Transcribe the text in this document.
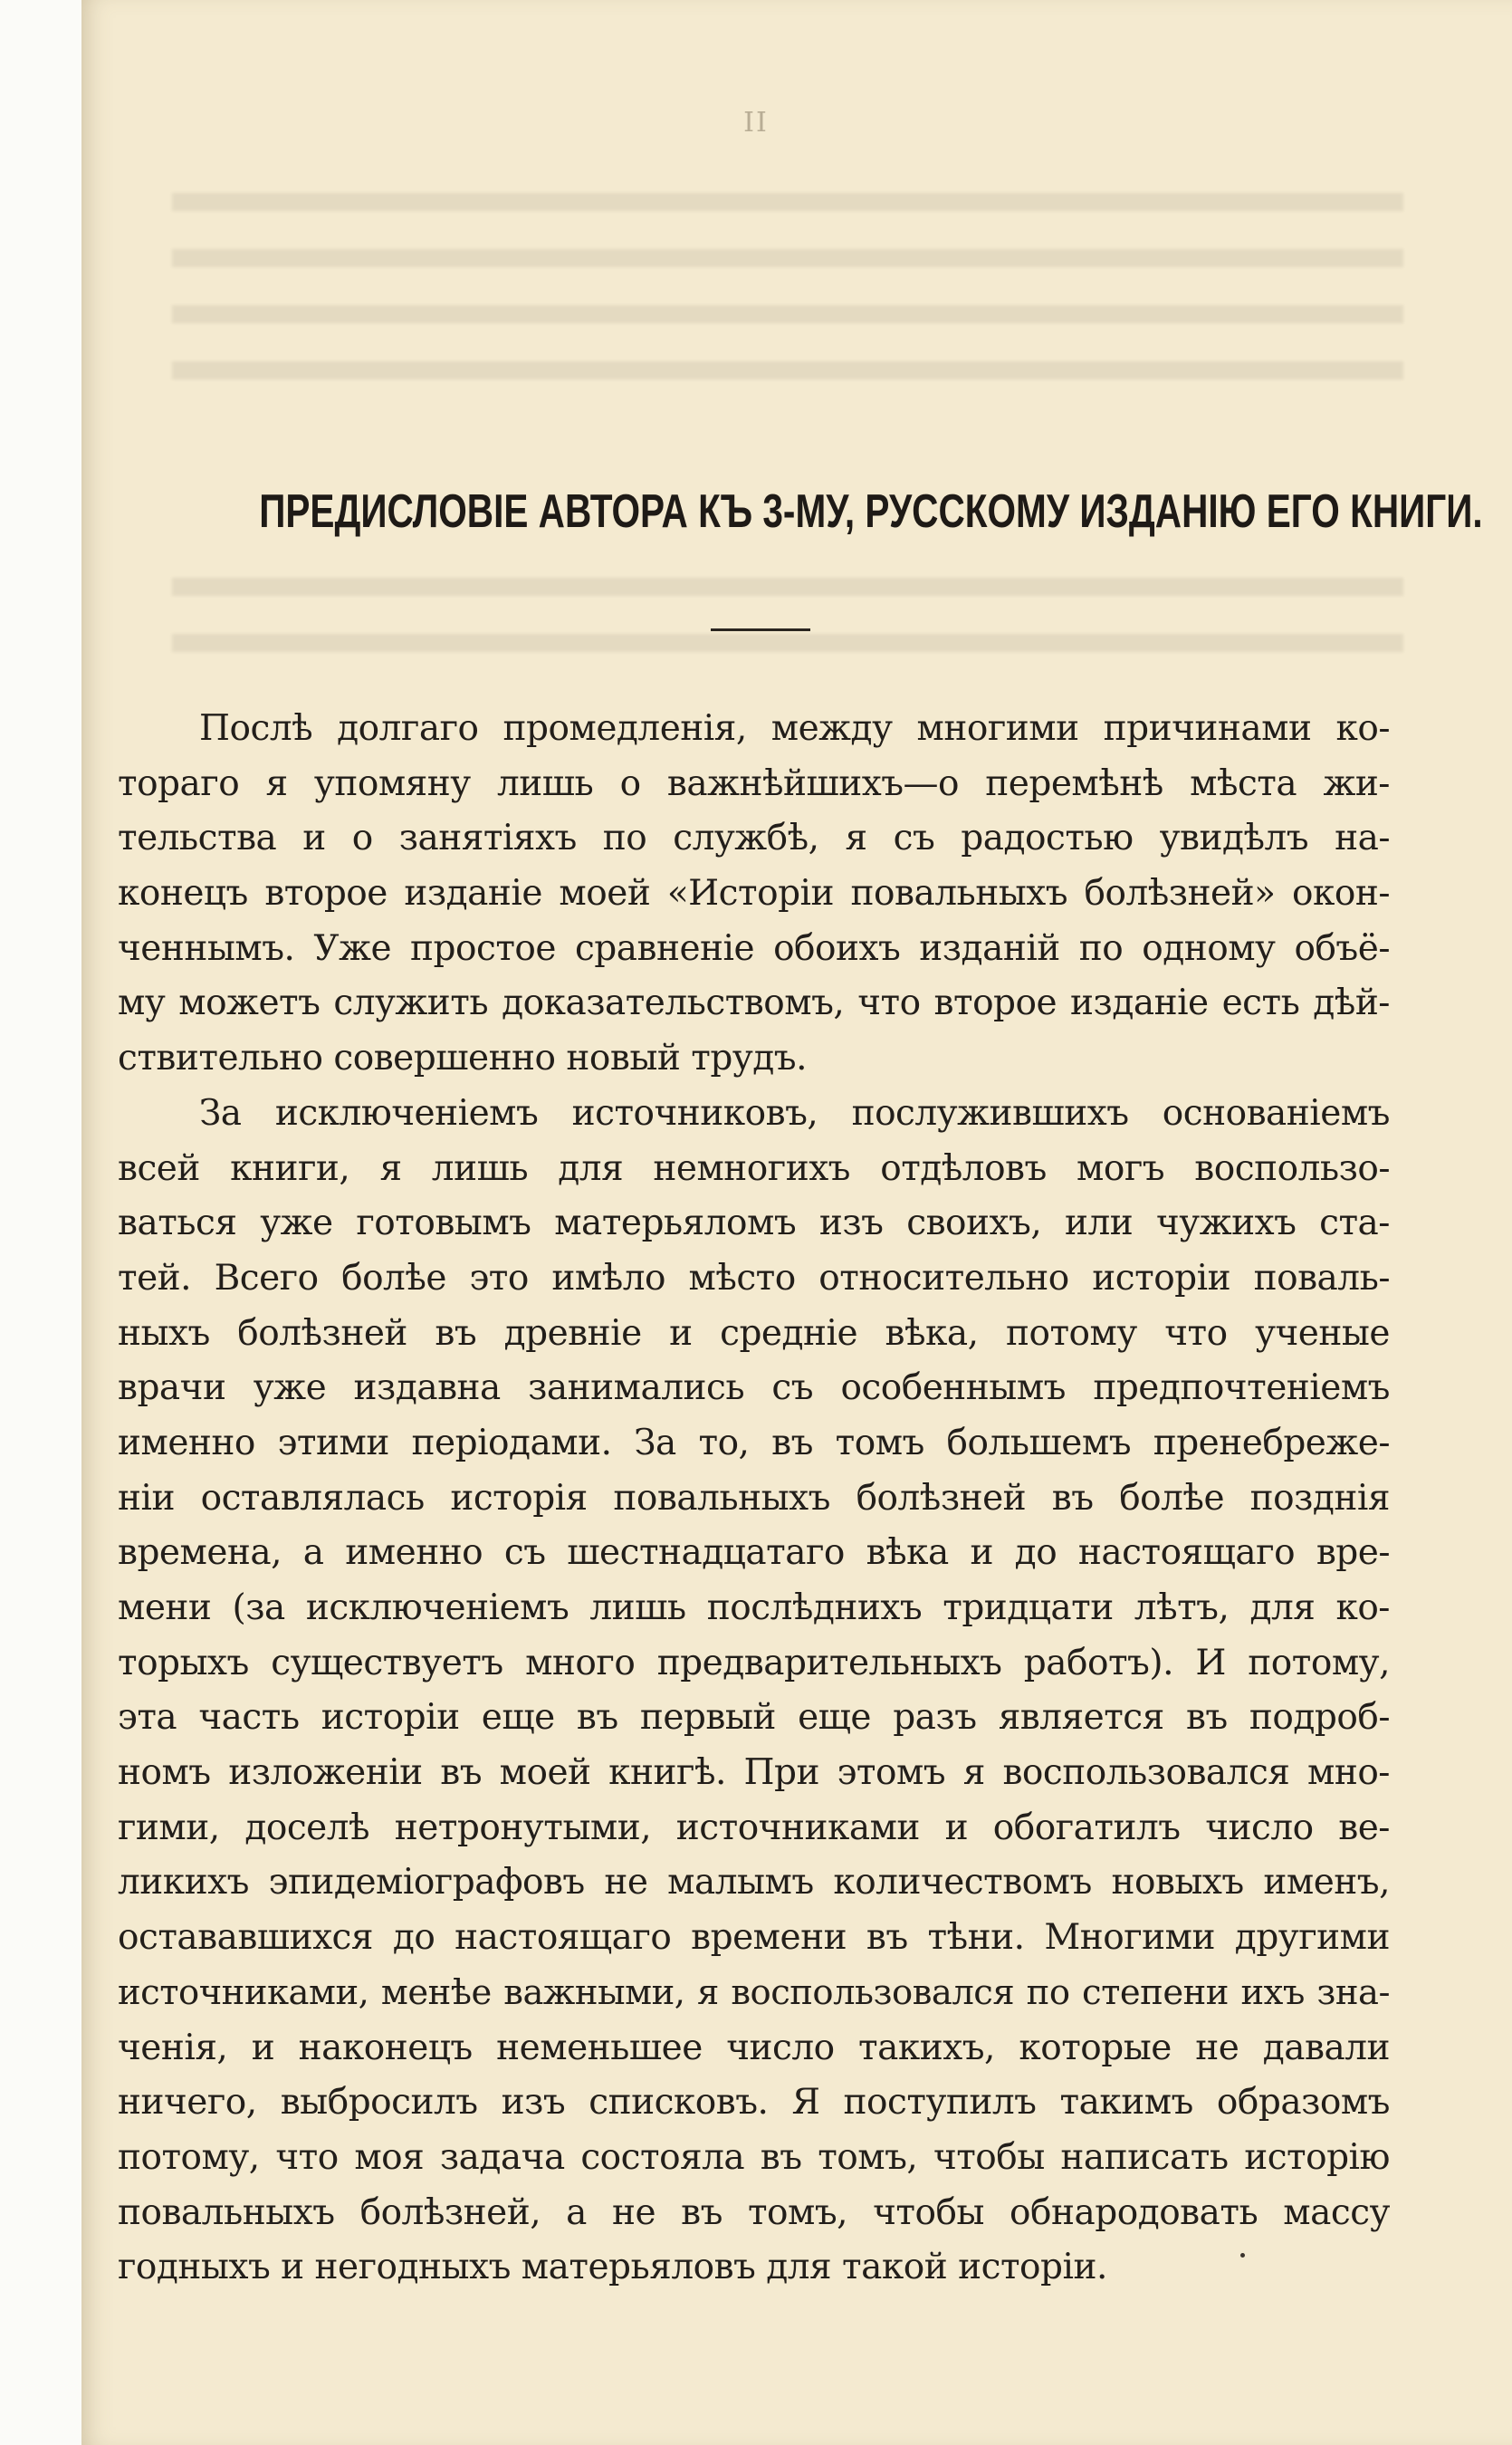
II
ПРЕДИСЛОВІЕ АВТОРА КЪ 3-МУ, РУССКОМУ ИЗДАНІЮ ЕГО КНИГИ.
Послѣ долгаго промедленія, между многими причинами ко-
тораго я упомяну лишь о важнѣйшихъ—о перемѣнѣ мѣста жи-
тельства и о занятіяхъ по службѣ, я съ радостью увидѣлъ на-
конецъ второе изданіе моей «Исторіи повальныхъ болѣзней» окон-
ченнымъ. Уже простое сравненіе обоихъ изданій по одному объё-
му можетъ служить доказательствомъ, что второе изданіе есть дѣй-
ствительно совершенно новый трудъ.
За исключеніемъ источниковъ, послужившихъ основаніемъ
всей книги, я лишь для немногихъ отдѣловъ могъ воспользо-
ваться уже готовымъ матерьяломъ изъ своихъ, или чужихъ ста-
тей. Всего болѣе это имѣло мѣсто относительно исторіи поваль-
ныхъ болѣзней въ древніе и средніе вѣка, потому что ученые
врачи уже издавна занимались съ особеннымъ предпочтеніемъ
именно этими періодами. За то, въ томъ большемъ пренебреже-
ніи оставлялась исторія повальныхъ болѣзней въ болѣе позднія
времена, а именно съ шестнадцатаго вѣка и до настоящаго вре-
мени (за исключеніемъ лишь послѣднихъ тридцати лѣтъ, для ко-
торыхъ существуетъ много предварительныхъ работъ). И потому,
эта часть исторіи еще въ первый еще разъ является въ подроб-
номъ изложеніи въ моей книгѣ. При этомъ я воспользовался мно-
гими, доселѣ нетронутыми, источниками и обогатилъ число ве-
ликихъ эпидеміографовъ не малымъ количествомъ новыхъ именъ,
остававшихся до настоящаго времени въ тѣни. Многими другими
источниками, менѣе важными, я воспользовался по степени ихъ зна-
ченія, и наконецъ неменьшее число такихъ, которые не давали
ничего, выбросилъ изъ списковъ. Я поступилъ такимъ образомъ
потому, что моя задача состояла въ томъ, чтобы написать исторію
повальныхъ болѣзней, а не въ томъ, чтобы обнародовать массу
годныхъ и негодныхъ матерьяловъ для такой исторіи.
